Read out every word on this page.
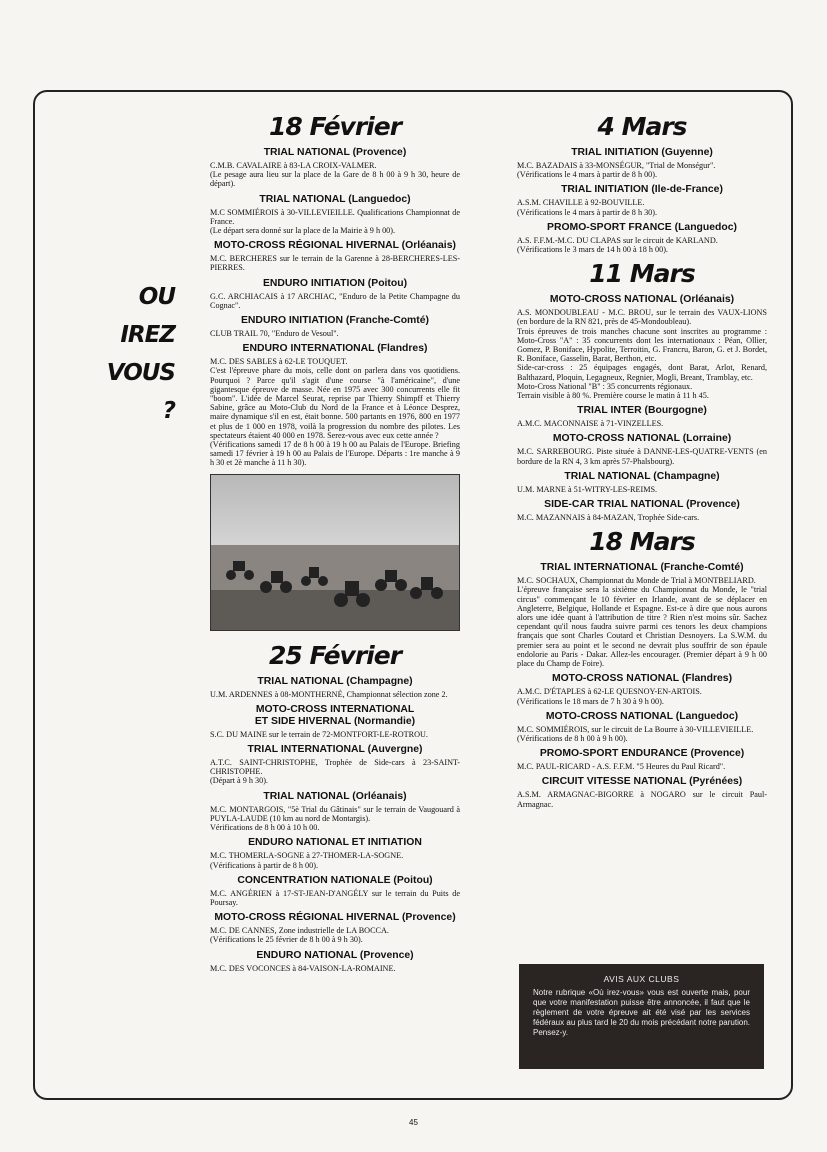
OU
IREZ
VOUS ?
18 Février
TRIAL NATIONAL (Provence)

C.M.B. CAVALAIRE à 83-LA CROIX-VALMER.
(Le pesage aura lieu sur la place de la Gare de 8 h 00 à 9 h 30, heure de départ).

TRIAL NATIONAL (Languedoc)

M.C SOMMIÉROIS à 30-VILLEVIEILLE. Qualifications Championnat de France.
(Le départ sera donné sur la place de la Mairie à 9 h 00).

MOTO-CROSS RÉGIONAL HIVERNAL (Orléanais)

M.C. BERCHERES sur le terrain de la Garenne à 28-BERCHERES-LES-PIERRES.

ENDURO INITIATION (Poitou)

G.C. ARCHIACAIS à 17 ARCHIAC, "Enduro de la Petite Champagne du Cognac".

ENDURO INITIATION (Franche-Comté)

CLUB TRAIL 70, "Enduro de Vesoul".

ENDURO INTERNATIONAL (Flandres)

M.C. DES SABLES à 62-LE TOUQUET.
C'est l'épreuve phare du mois, celle dont on parlera dans vos quotidiens. Pourquoi ? Parce qu'il s'agit d'une course "à l'américaine", d'une gigantesque épreuve de masse. Née en 1975 avec 300 concurrents elle fit "boom". L'idée de Marcel Seurat, reprise par Thierry Shimpff et Thierry Sabine, grâce au Moto-Club du Nord de la France et à Léonce Desprez, maire dynamique s'il en est, était bonne. 500 partants en 1976, 800 en 1977 et plus de 1 000 en 1978, voilà la progression du nombre des pilotes. Les spectateurs étaient 40 000 en 1978. Serez-vous avec eux cette année ?
(Vérifications samedi 17 de 8 h 00 à 19 h 00 au Palais de l'Europe. Briefing samedi 17 février à 19 h 00 au Palais de l'Europe. Départs : 1re manche à 9 h 30 et 2è manche à 11 h 30).

25 Février
TRIAL NATIONAL (Champagne)

U.M. ARDENNES à 08-MONTHERNÉ, Championnat sélection zone 2.

MOTO-CROSS INTERNATIONAL
ET SIDE HIVERNAL (Normandie)

S.C. DU MAINE sur le terrain de 72-MONTFORT-LE-ROTROU.

TRIAL INTERNATIONAL (Auvergne)

A.T.C. SAINT-CHRISTOPHE, Trophée de Side-cars à 23-SAINT-CHRISTOPHE.
(Départ à 9 h 30).

TRIAL NATIONAL (Orléanais)

M.C. MONTARGOIS, "5è Trial du Gâtinais" sur le terrain de Vaugouard à PUYLA-LAUDE (10 km au nord de Montargis).
Vérifications de 8 h 00 à 10 h 00.

ENDURO NATIONAL ET INITIATION

M.C. THOMERLA-SOGNE à 27-THOMER-LA-SOGNE.
(Vérifications à partir de 8 h 00).

CONCENTRATION NATIONALE (Poitou)

M.C. ANGÉRIEN à 17-ST-JEAN-D'ANGÉLY sur le terrain du Puits de Poursay.

MOTO-CROSS RÉGIONAL HIVERNAL (Provence)

M.C. DE CANNES, Zone industrielle de LA BOCCA.
(Vérifications le 25 février de 8 h 00 à 9 h 30).

ENDURO NATIONAL (Provence)

M.C. DES VOCONCES à 84-VAISON-LA-ROMAINE.

4 Mars
TRIAL INITIATION (Guyenne)

M.C. BAZADAIS à 33-MONSÉGUR, "Trial de Monségur".
(Vérifications le 4 mars à partir de 8 h 00).

TRIAL INITIATION (Ile-de-France)

A.S.M. CHAVILLE à 92-BOUVILLE.
(Vérifications le 4 mars à partir de 8 h 30).

PROMO-SPORT FRANCE (Languedoc)

A.S. F.F.M.-M.C. DU CLAPAS sur le circuit de KARLAND.
(Vérifications le 3 mars de 14 h 00 à 18 h 00).

11 Mars
MOTO-CROSS NATIONAL (Orléanais)

A.S. MONDOUBLEAU - M.C. BROU, sur le terrain des VAUX-LIONS (en bordure de la RN 821, près de 45-Mondoubleau).
Trois épreuves de trois manches chacune sont inscrites au programme : Moto-Cross "A" : 35 concurrents dont les internationaux : Péan, Ollier, Gomez, P. Boniface, Hypolite, Terroitin, G. Francru, Baron, G. et J. Bordet, R. Boniface, Gasselin, Barat, Berthon, etc.
Side-car-cross : 25 équipages engagés, dont Barat, Arlot, Renard, Balthazard, Ploquin, Legagneux, Regnier, Mogli, Breant, Tramblay, etc.
Moto-Cross National "B" : 35 concurrents régionaux.
Terrain visible à 80 %. Première course le matin à 11 h 45.

TRIAL INTER (Bourgogne)

A.M.C. MACONNAISE à 71-VINZELLES.

MOTO-CROSS NATIONAL (Lorraine)

M.C. SARREBOURG. Piste située à DANNE-LES-QUATRE-VENTS (en bordure de la RN 4, 3 km après 57-Phalsbourg).

TRIAL NATIONAL (Champagne)

U.M. MARNE à 51-WITRY-LES-REIMS.

SIDE-CAR TRIAL NATIONAL (Provence)

M.C. MAZANNAIS à 84-MAZAN, Trophée Side-cars.

18 Mars
TRIAL INTERNATIONAL (Franche-Comté)

M.C. SOCHAUX, Championnat du Monde de Trial à MONTBELIARD.
L'épreuve française sera la sixième du Championnat du Monde, le "trial circus" commençant le 10 février en Irlande, avant de se déplacer en Angleterre, Belgique, Hollande et Espagne. Est-ce à dire que nous aurons alors une idée quant à l'attribution de titre ? Rien n'est moins sûr. Sachez cependant qu'il nous faudra suivre parmi ces tenors les deux champions français que sont Charles Coutard et Christian Desnoyers. La S.W.M. du premier sera au point et le second ne devrait plus souffrir de son épaule endolorie au Paris - Dakar. Allez-les encourager. (Premier départ à 9 h 00 place du Champ de Foire).

MOTO-CROSS NATIONAL (Flandres)

A.M.C. D'ÉTAPLES à 62-LE QUESNOY-EN-ARTOIS.
(Vérifications le 18 mars de 7 h 30 à 9 h 00).

MOTO-CROSS NATIONAL (Languedoc)

M.C. SOMMIÉROIS, sur le circuit de La Bourre à 30-VILLEVIEILLE.
(Vérifications de 8 h 00 à 9 h 00).

PROMO-SPORT ENDURANCE (Provence)

M.C. PAUL-RICARD - A.S. F.F.M. "5 Heures du Paul Ricard".

CIRCUIT VITESSE NATIONAL (Pyrénées)

A.S.M. ARMAGNAC-BIGORRE à NOGARO sur le circuit Paul-Armagnac.

AVIS AUX CLUBS

Notre rubrique «Où irez-vous» vous est ouverte mais, pour que votre manifestation puisse être annoncée, il faut que le règlement de votre épreuve ait été visé par les services fédéraux au plus tard le 20 du mois précédant notre parution. Pensez-y.

45
